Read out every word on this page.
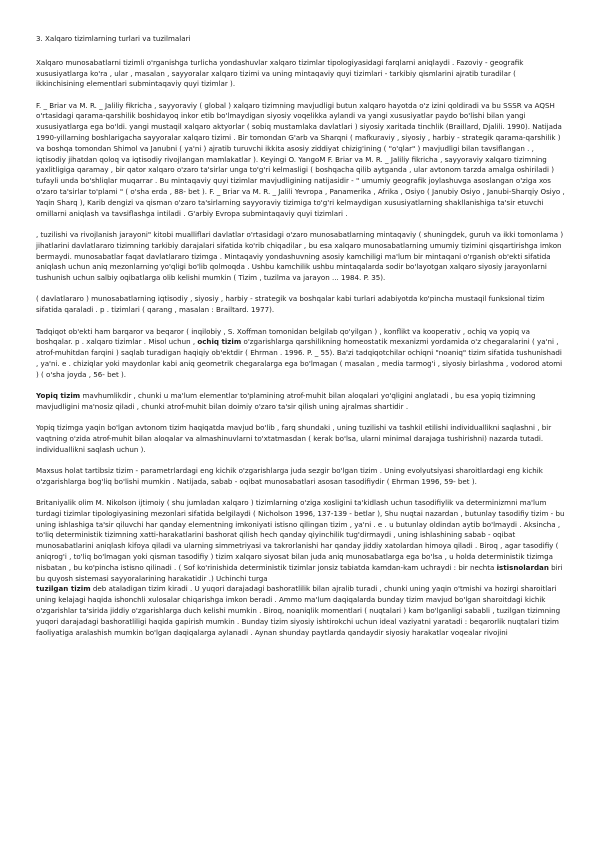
3. Xalqaro tizimlarning turlari va tuzilmalari

Xalqaro munosabatlarni tizimli o'rganishga turlicha yondashuvlar xalqaro tizimlar tipologiyasidagi farqlarni aniqlaydi . Fazoviy - geografik xususiyatlarga ko'ra , ular , masalan , sayyoralar xalqaro tizimi va uning mintaqaviy quyi tizimlari - tarkibiy qismlarini ajratib turadilar ( ikkinchisining elementlari submintaqaviy quyi tizimlar ).

F. _ Briar va M. R. _ Jaliliy fikricha , sayyoraviy ( global ) xalqaro tizimning mavjudligi butun xalqaro hayotda o'z izini qoldiradi va bu SSSR va AQSH o'rtasidagi qarama-qarshilik boshidayoq inkor etib bo'lmaydigan siyosiy voqelikka aylandi va yangi xususiyatlar paydo bo'lishi bilan yangi xususiyatlarga ega bo'ldi. yangi mustaqil xalqaro aktyorlar ( sobiq mustamlaka davlatlari ) siyosiy xaritada tinchlik (Braillard, Djalili. 1990). Natijada 1990-yillarning boshlarigacha sayyoralar xalqaro tizimi . Bir tomondan G'arb va Sharqni ( mafkuraviy , siyosiy , harbiy - strategik qarama-qarshilik ) va boshqa tomondan Shimol va Janubni ( ya'ni ) ajratib turuvchi ikkita asosiy ziddiyat chizig'ining ( "o'qlar" ) mavjudligi bilan tavsiflangan . , iqtisodiy jihatdan qoloq va iqtisodiy rivojlangan mamlakatlar ). Keyingi O. YangoM F. Briar va M. R. _ Jaliliy fikricha , sayyoraviy xalqaro tizimning yaxlitligiga qaramay , bir qator xalqaro o'zaro ta'sirlar unga to'g'ri kelmasligi ( boshqacha qilib aytganda , ular avtonom tarzda amalga oshiriladi ) tufayli unda bo'shliqlar muqarrar . Bu mintaqaviy quyi tizimlar mavjudligining natijasidir - " umumiy geografik joylashuvga asoslangan o'ziga xos o'zaro ta'sirlar to'plami " ( o'sha erda , 88- bet ). F. _ Briar va M. R. _ Jalili Yevropa , Panamerika , Afrika , Osiyo ( Janubiy Osiyo , Janubi-Sharqiy Osiyo , Yaqin Sharq ), Karib dengizi va qisman o'zaro ta'sirlarning sayyoraviy tizimiga to'g'ri kelmaydigan xususiyatlarning shakllanishiga ta'sir etuvchi omillarni aniqlash va tavsiflashga intiladi . G'arbiy Evropa submintaqaviy quyi tizimlari .

, tuzilishi va rivojlanish jarayoni" kitobi mualliflari davlatlar o'rtasidagi o'zaro munosabatlarning mintaqaviy ( shuningdek, guruh va ikki tomonlama ) jihatlarini davlatlararo tizimning tarkibiy darajalari sifatida ko'rib chiqadilar , bu esa xalqaro munosabatlarning umumiy tizimini qisqartirishga imkon bermaydi. munosabatlar faqat davlatlararo tizimga . Mintaqaviy yondashuvning asosiy kamchiligi ma'lum bir mintaqani o'rganish ob'ekti sifatida aniqlash uchun aniq mezonlarning yo'qligi bo'lib qolmoqda . Ushbu kamchilik ushbu mintaqalarda sodir bo'layotgan xalqaro siyosiy jarayonlarni tushunish uchun salbiy oqibatlarga olib kelishi mumkin ( Tizim , tuzilma va jarayon ... 1984. P. 35).

( davlatlararo ) munosabatlarning iqtisodiy , siyosiy , harbiy - strategik va boshqalar kabi turlari adabiyotda ko'pincha mustaqil funksional tizim sifatida qaraladi . p . tizimlari ( qarang , masalan : Brailtard. 1977).

Tadqiqot ob'ekti ham barqaror va beqaror ( inqilobiy , S. Xoffman tomonidan belgilab qo'yilgan ) , konflikt va kooperativ , ochiq va yopiq va boshqalar. p . xalqaro tizimlar . Misol uchun , ochiq tizim o'zgarishlarga qarshilikning homeostatik mexanizmi yordamida o'z chegaralarini ( ya'ni , atrof-muhitdan farqini ) saqlab turadigan haqiqiy ob'ektdir ( Ehrman . 1996. P. _ 55). Ba'zi tadqiqotchilar ochiqni "noaniq" tizim sifatida tushunishadi , ya'ni. e . chiziqlar yoki maydonlar kabi aniq geometrik chegaralarga ega bo'lmagan ( masalan , media tarmog'i , siyosiy birlashma , vodorod atomi ) ( o'sha joyda , 56- bet ).

Yopiq tizim mavhumlikdir , chunki u ma'lum elementlar to'plamining atrof-muhit bilan aloqalari yo'qligini anglatadi , bu esa yopiq tizimning mavjudligini ma'nosiz qiladi , chunki atrof-muhit bilan doimiy o'zaro ta'sir qilish uning ajralmas shartidir .

Yopiq tizimga yaqin bo'lgan avtonom tizim haqiqatda mavjud bo'lib , farq shundaki , uning tuzilishi va tashkil etilishi individuallikni saqlashni , bir vaqtning o'zida atrof-muhit bilan aloqalar va almashinuvlarni to'xtatmasdan ( kerak bo'lsa, ularni minimal darajaga tushirishni) nazarda tutadi. individuallikni saqlash uchun ).

Maxsus holat tartibsiz tizim - parametrlardagi eng kichik o'zgarishlarga juda sezgir bo'lgan tizim . Uning evolyutsiyasi sharoitlardagi eng kichik o'zgarishlarga bog'liq bo'lishi mumkin . Natijada, sabab - oqibat munosabatlari asosan tasodifiydir ( Ehrman 1996, 59- bet ).

Britaniyalik olim M. Nikolson ijtimoiy ( shu jumladan xalqaro ) tizimlarning o'ziga xosligini ta'kidlash uchun tasodifiylik va determinizmni ma'lum turdagi tizimlar tipologiyasining mezonlari sifatida belgilaydi ( Nicholson 1996, 137-139 - betlar ), Shu nuqtai nazardan , butunlay tasodifiy tizim - bu uning ishlashiga ta'sir qiluvchi har qanday elementning imkoniyati istisno qilingan tizim , ya'ni . e . u butunlay oldindan aytib bo'lmaydi . Aksincha , to'liq deterministik tizimning xatti-harakatlarini bashorat qilish hech qanday qiyinchilik tug'dirmaydi , uning ishlashining sabab - oqibat munosabatlarini aniqlash kifoya qiladi va ularning simmetriyasi va takrorlanishi har qanday jiddiy xatolardan himoya qiladi . Biroq , agar tasodifiy ( aniqrog'i , to'liq bo'lmagan yoki qisman tasodifiy ) tizim xalqaro siyosat bilan juda aniq munosabatlarga ega bo'lsa , u holda deterministik tizimga nisbatan , bu ko'pincha istisno qilinadi . ( Sof ko'rinishida deterministik tizimlar jonsiz tabiatda kamdan-kam uchraydi : bir nechta istisnolardan biri bu quyosh sistemasi sayyoralarining harakatidir .) Uchinchi turga
tuzilgan tizim deb ataladigan tizim kiradi . U yuqori darajadagi bashoratlilik bilan ajralib turadi , chunki uning yaqin o'tmishi va hozirgi sharoitlari uning kelajagi haqida ishonchli xulosalar chiqarishga imkon beradi . Ammo ma'lum daqiqalarda bunday tizim mavjud bo'lgan sharoitdagi kichik o'zgarishlar ta'sirida jiddiy o'zgarishlarga duch kelishi mumkin . Biroq, noaniqlik momentlari ( nuqtalari ) kam bo'lganligi sababli , tuzilgan tizimning yuqori darajadagi bashoratliligi haqida gapirish mumkin . Bunday tizim siyosiy ishtirokchi uchun ideal vaziyatni yaratadi : beqarorlik nuqtalari tizim faoliyatiga aralashish mumkin bo'lgan daqiqalarga aylanadi . Aynan shunday paytlarda qandaydir siyosiy harakatlar voqealar rivojini
